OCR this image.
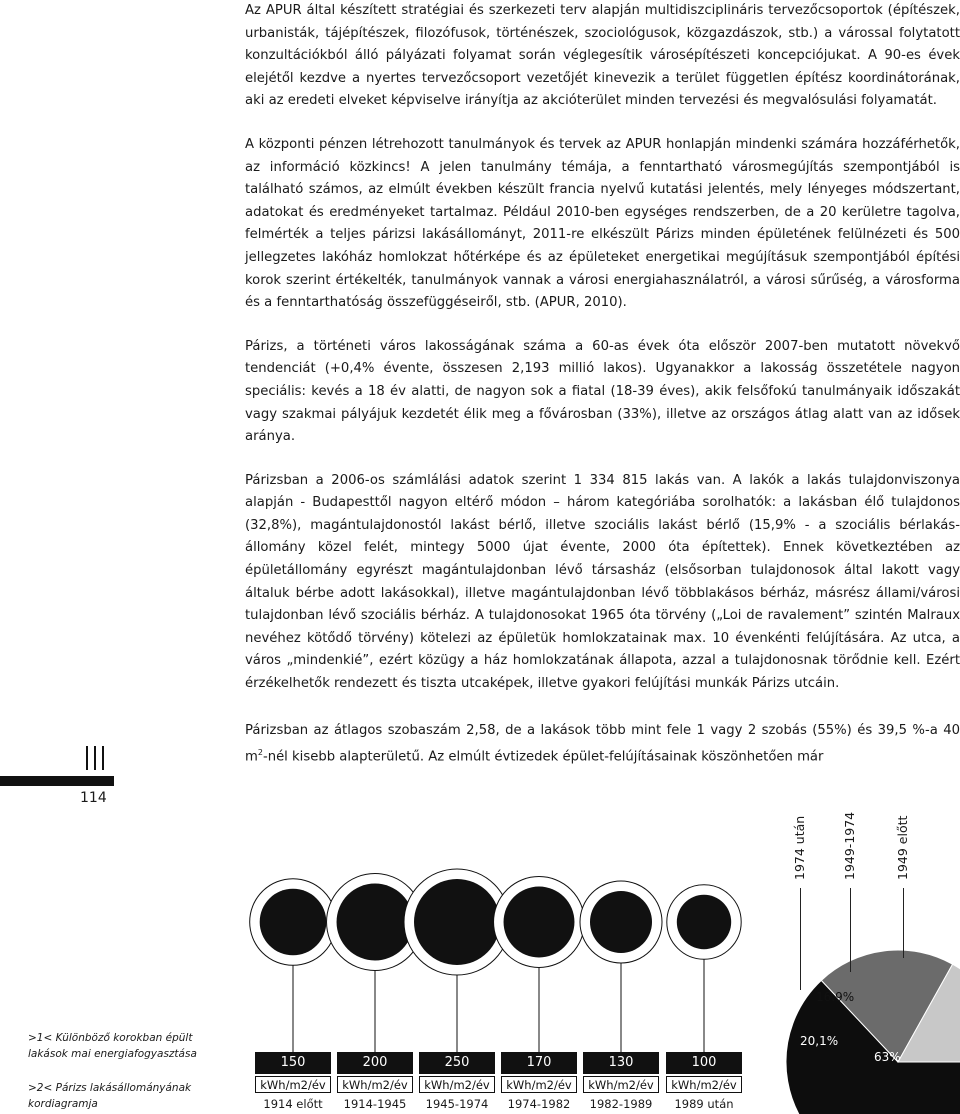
Az APUR által készített stratégiai és szerkezeti terv alapján multidiszciplináris tervezőcsoportok (építészek, urbanisták, tájépítészek, filozófusok, történészek, szociológusok, közgazdászok, stb.) a várossal folytatott konzultációkból álló pályázati folyamat során véglegesítik városépítészeti koncepciójukat. A 90-es évek elejétől kezdve a nyertes tervezőcsoport vezetőjét kinevezik a terület független építész koordinátorának, aki az eredeti elveket képviselve irányítja az akcióterület minden tervezési és megvalósulási folyamatát.

A központi pénzen létrehozott tanulmányok és tervek az APUR honlapján mindenki számára hozzáférhetők, az információ közkincs! A jelen tanulmány témája, a fenntartható városmegújítás szempontjából is található számos, az elmúlt években készült francia nyelvű kutatási jelentés, mely lényeges módszertant, adatokat és eredményeket tartalmaz. Például 2010-ben egységes rendszerben, de a 20 kerületre tagolva, felmérték a teljes párizsi lakásállományt, 2011-re elkészült Párizs minden épületének felülnézeti és 500 jellegzetes lakóház homlokzat hőtérképe és az épületeket energetikai megújításuk szempontjából építési korok szerint értékelték, tanulmányok vannak a városi energiahasználatról, a városi sűrűség, a városforma és a fenntarthatóság összefüggéseiről, stb. (APUR, 2010).

Párizs, a történeti város lakosságának száma a 60-as évek óta először 2007-ben mutatott növekvő tendenciát (+0,4% évente, összesen 2,193 millió lakos). Ugyanakkor a lakosság összetétele nagyon speciális: kevés a 18 év alatti, de nagyon sok a fiatal (18-39 éves), akik felsőfokú tanulmányaik időszakát vagy szakmai pályájuk kezdetét élik meg a fővárosban (33%), illetve az országos átlag alatt van az idősek aránya.

Párizsban a 2006-os számlálási adatok szerint 1 334 815 lakás van. A lakók a lakás tulajdonviszonya alapján - Budapesttől nagyon eltérő módon – három kategóriába sorolhatók: a lakásban élő tulajdonos (32,8%), magántulajdonostól lakást bérlő, illetve szociális lakást bérlő (15,9% - a szociális bérlakás-állomány közel felét, mintegy 5000 újat évente, 2000 óta építettek). Ennek következtében az épületállomány egyrészt magántulajdonban lévő társasház (elsősorban tulajdonosok által lakott vagy általuk bérbe adott lakásokkal), illetve magántulajdonban lévő többlakásos bérház, másrész állami/városi tulajdonban lévő szociális bérház. A tulajdonosokat 1965 óta törvény („Loi de ravalement” szintén Malraux nevéhez kötődő törvény) kötelezi az épületük homlokzatainak max. 10 évenkénti felújítására. Az utca, a város „mindenkié”, ezért közügy a ház homlokzatának állapota, azzal a tulajdonosnak törődnie kell. Ezért érzékelhetők rendezett és tiszta utcaképek, illetve gyakori felújítási munkák Párizs utcáin.

Párizsban az átlagos szobaszám 2,58, de a lakások több mint fele 1 vagy 2 szobás (55%) és 39,5 %-a 40 $m^2$-nél kisebb alapterületű. Az elmúlt évtizedek épület-felújításainak köszönhetően már

114
>1< Különböző korokban épült lakások mai energiafogyasztása
>2< Párizs lakásállományának kordiagramja
150
kWh/m2/év
1914 előtt
200
kWh/m2/év
1914-1945
250
kWh/m2/év
1945-1974
170
kWh/m2/év
1974-1982
130
kWh/m2/év
1982-1989
100
kWh/m2/év
1989 után
63%
20,1%
16.9%
1974 után	1949-1974	1949 előtt
